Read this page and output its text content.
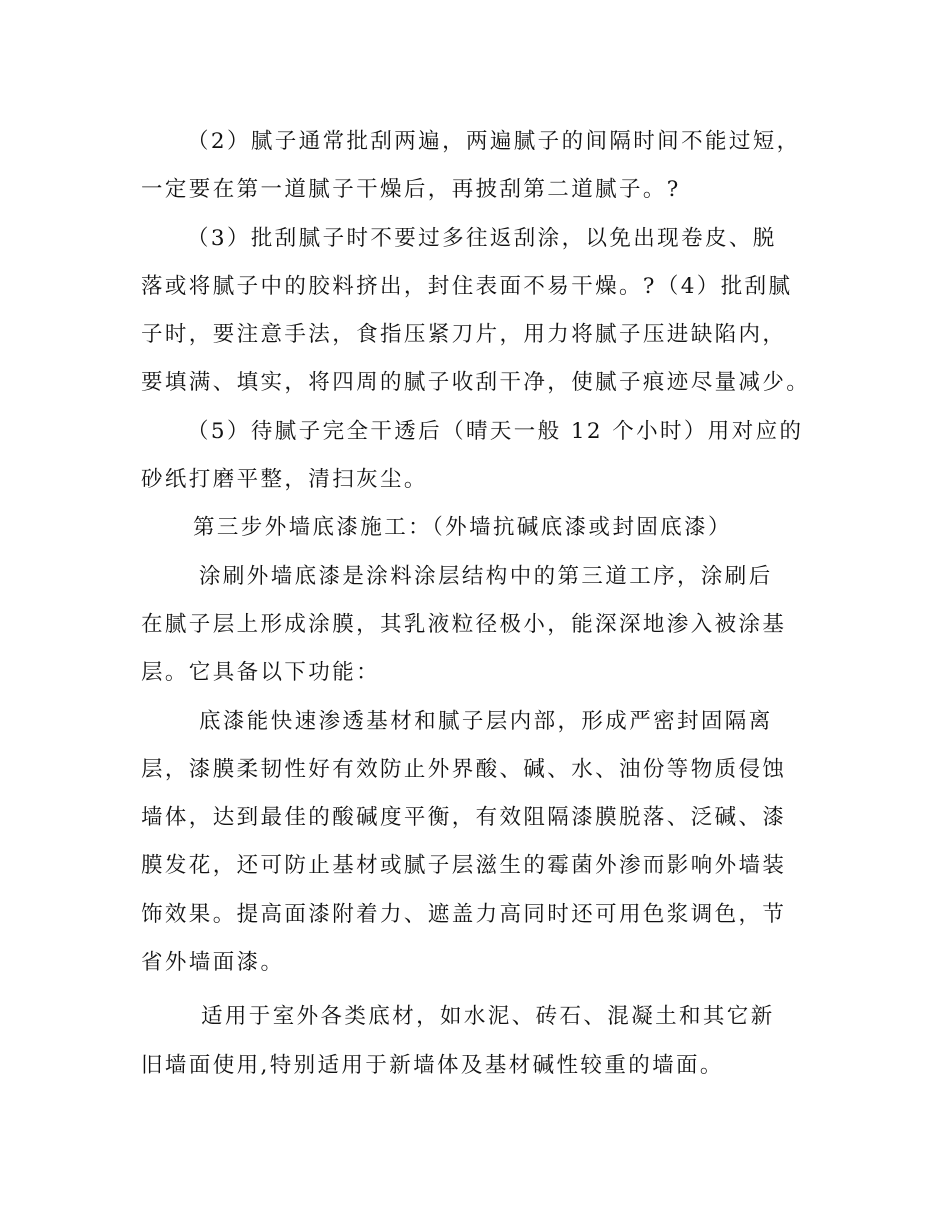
（2）腻子通常批刮两遍，两遍腻子的间隔时间不能过短，
一定要在第一道腻子干燥后，再披刮第二道腻子。?
（3）批刮腻子时不要过多往返刮涂，以免出现卷皮、脱
落或将腻子中的胶料挤出，封住表面不易干燥。?（4）批刮腻
子时，要注意手法，食指压紧刀片，用力将腻子压进缺陷内，
要填满、填实，将四周的腻子收刮干净，使腻子痕迹尽量减少。
（5）待腻子完全干透后（晴天一般 12 个小时）用对应的
砂纸打磨平整，清扫灰尘。
第三步外墙底漆施工：（外墙抗碱底漆或封固底漆）
涂刷外墙底漆是涂料涂层结构中的第三道工序，涂刷后
在腻子层上形成涂膜，其乳液粒径极小，能深深地渗入被涂基
层。它具备以下功能：
底漆能快速渗透基材和腻子层内部，形成严密封固隔离
层，漆膜柔韧性好有效防止外界酸、碱、水、油份等物质侵蚀
墙体，达到最佳的酸碱度平衡，有效阻隔漆膜脱落、泛碱、漆
膜发花，还可防止基材或腻子层滋生的霉菌外渗而影响外墙装
饰效果。提高面漆附着力、遮盖力高同时还可用色浆调色，节
省外墙面漆。
适用于室外各类底材，如水泥、砖石、混凝土和其它新
旧墙面使用,特别适用于新墙体及基材碱性较重的墙面。
